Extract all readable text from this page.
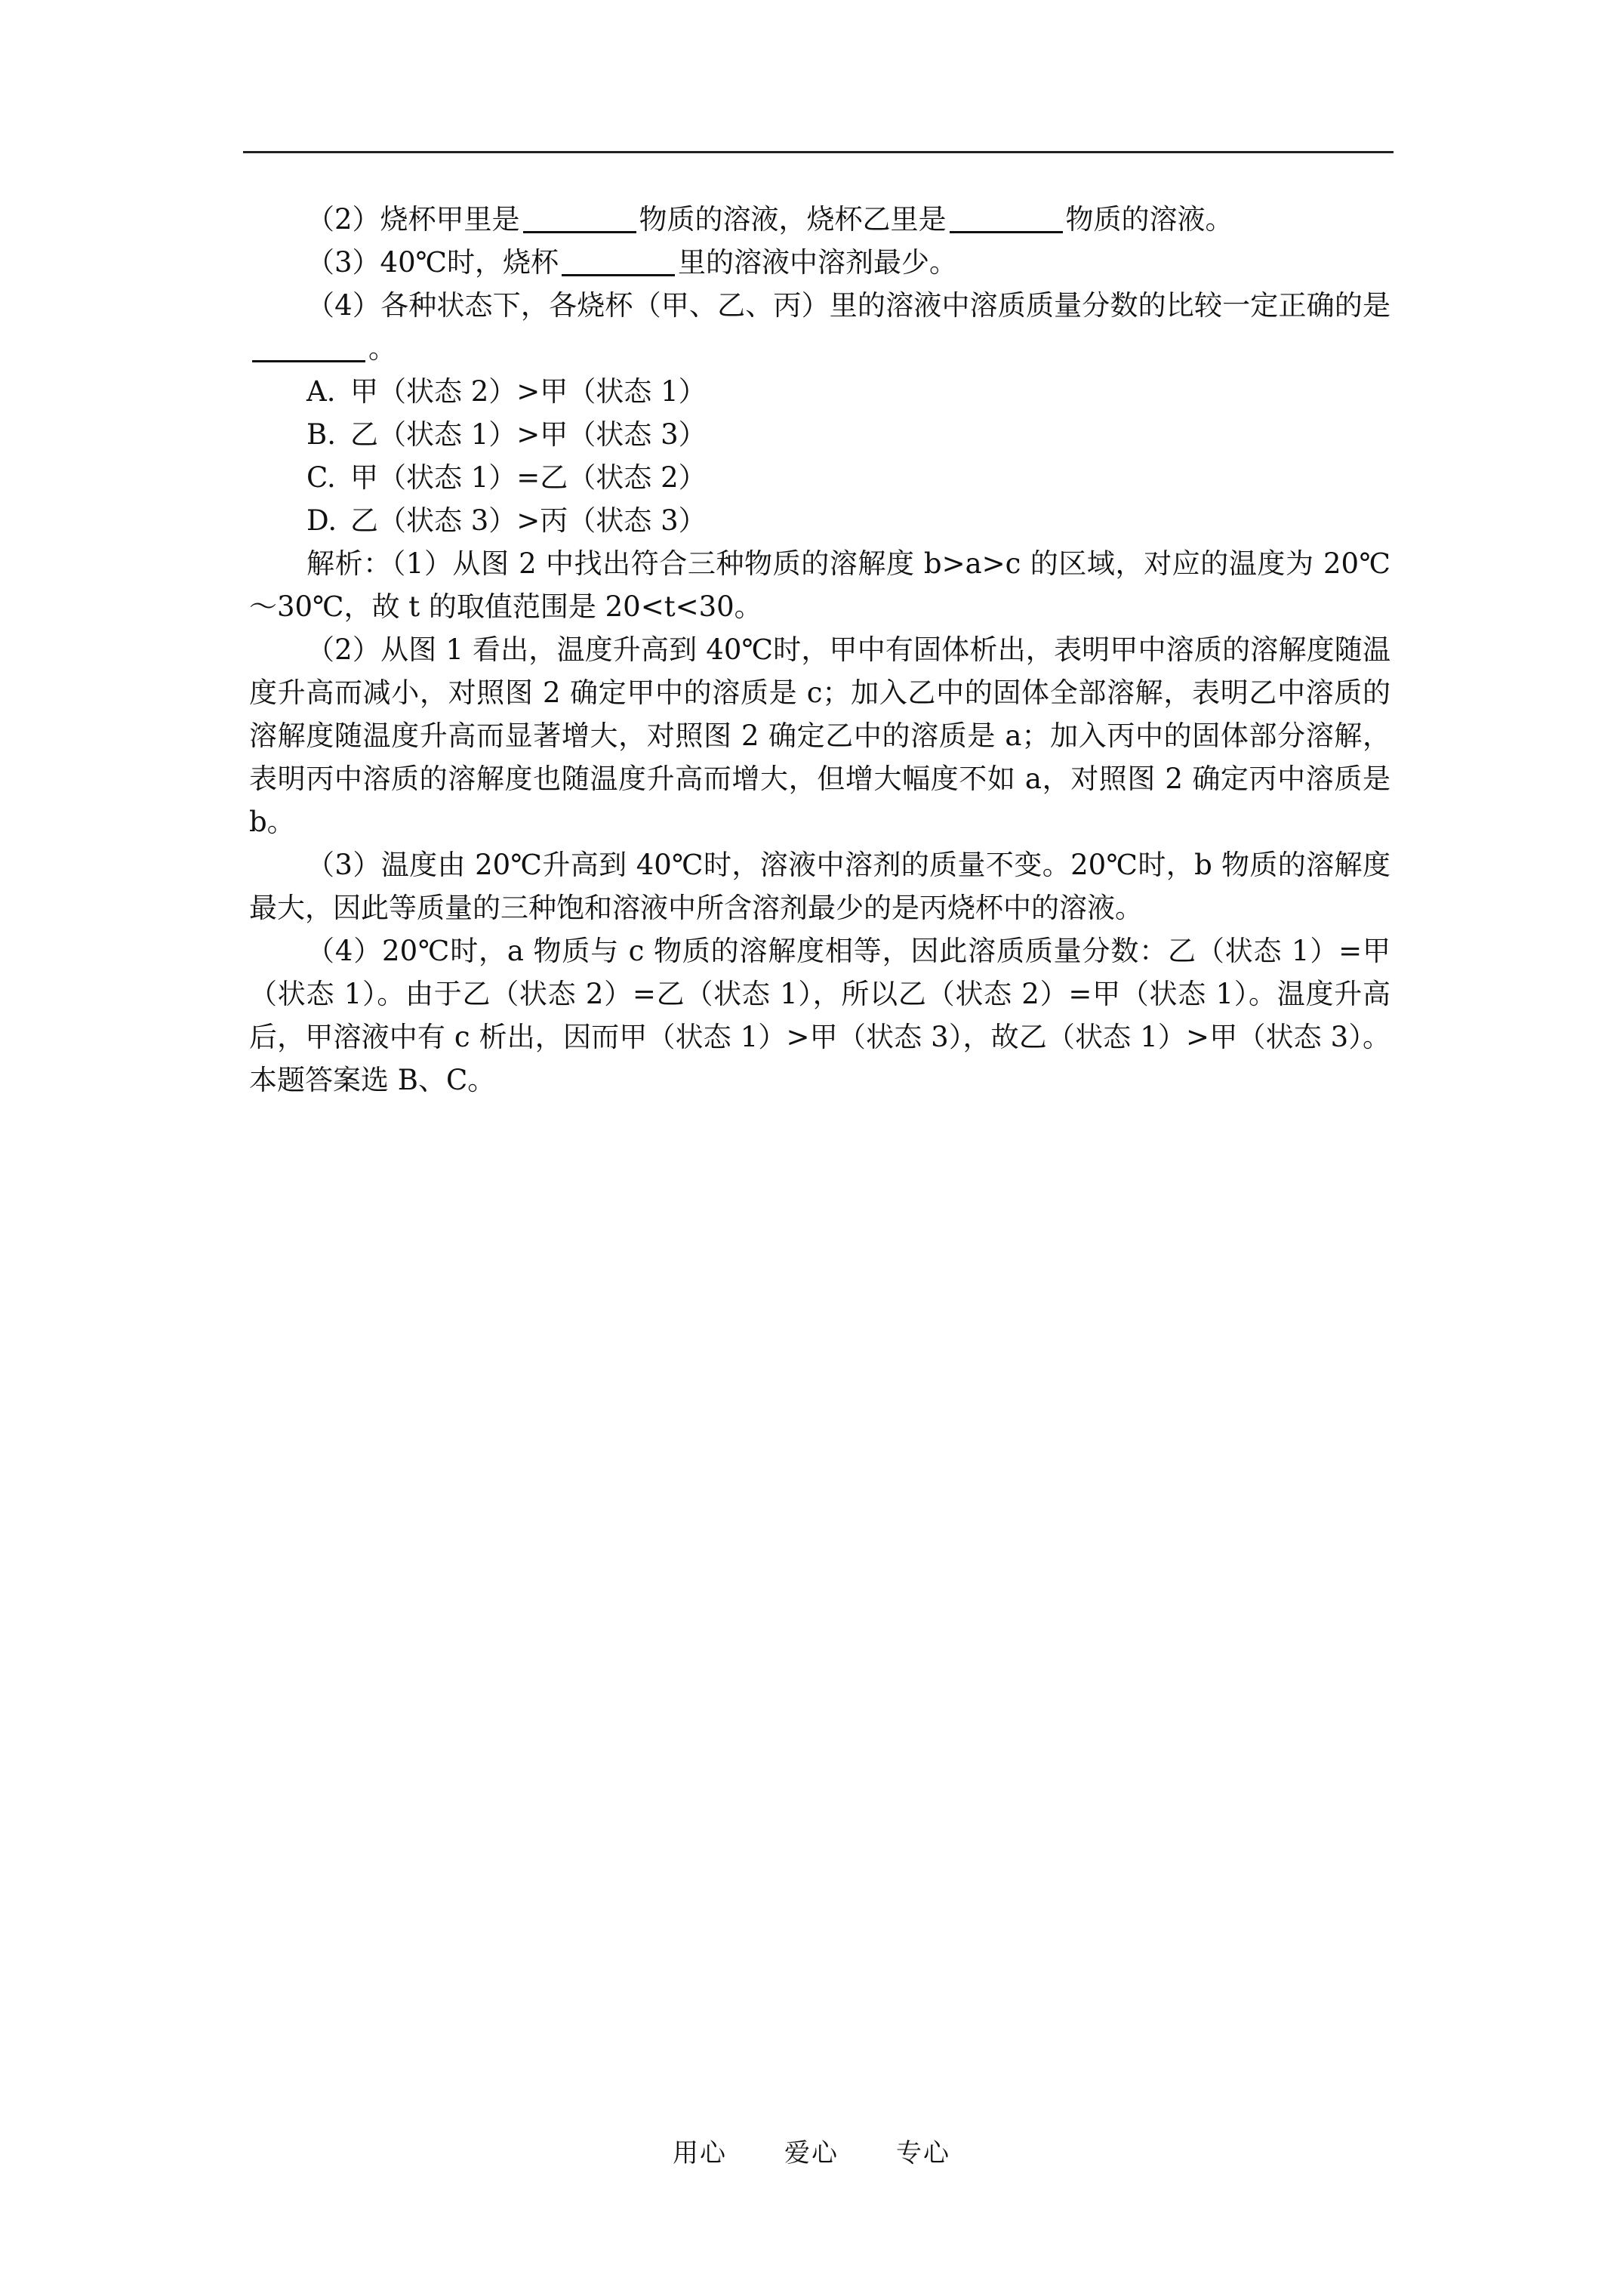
（2）烧杯甲里是	物质的溶液，烧杯乙里是	物质的溶液。

（3）40℃时，烧杯	里的溶液中溶剂最少。

（4）各种状态下，各烧杯（甲、乙、丙）里的溶液中溶质质量分数的比较一定正确的是。

A. 甲（状态 2）>甲（状态 1）

B. 乙（状态 1）>甲（状态 3）

C. 甲（状态 1）=乙（状态 2）

D. 乙（状态 3）>丙（状态 3）

解析：（1）从图 2 中找出符合三种物质的溶解度 b>a>c 的区域，对应的温度为 20℃～30℃，故 t 的取值范围是 20<t<30。

（2）从图 1 看出，温度升高到 40℃时，甲中有固体析出，表明甲中溶质的溶解度随温度升高而减小，对照图 2 确定甲中的溶质是 c；加入乙中的固体全部溶解，表明乙中溶质的溶解度随温度升高而显著增大，对照图 2 确定乙中的溶质是 a；加入丙中的固体部分溶解，表明丙中溶质的溶解度也随温度升高而增大，但增大幅度不如 a，对照图 2 确定丙中溶质是 b。

（3）温度由 20℃升高到 40℃时，溶液中溶剂的质量不变。20℃时，b 物质的溶解度最大，因此等质量的三种饱和溶液中所含溶剂最少的是丙烧杯中的溶液。

（4）20℃时，a 物质与 c 物质的溶解度相等，因此溶质质量分数：乙（状态 1）=甲（状态 1）。由于乙（状态 2）=乙（状态 1），所以乙（状态 2）=甲（状态 1）。温度升高后，甲溶液中有 c 析出，因而甲（状态 1）>甲（状态 3），故乙（状态 1）>甲（状态 3）。本题答案选 B、C。

用心 爱心 专心
